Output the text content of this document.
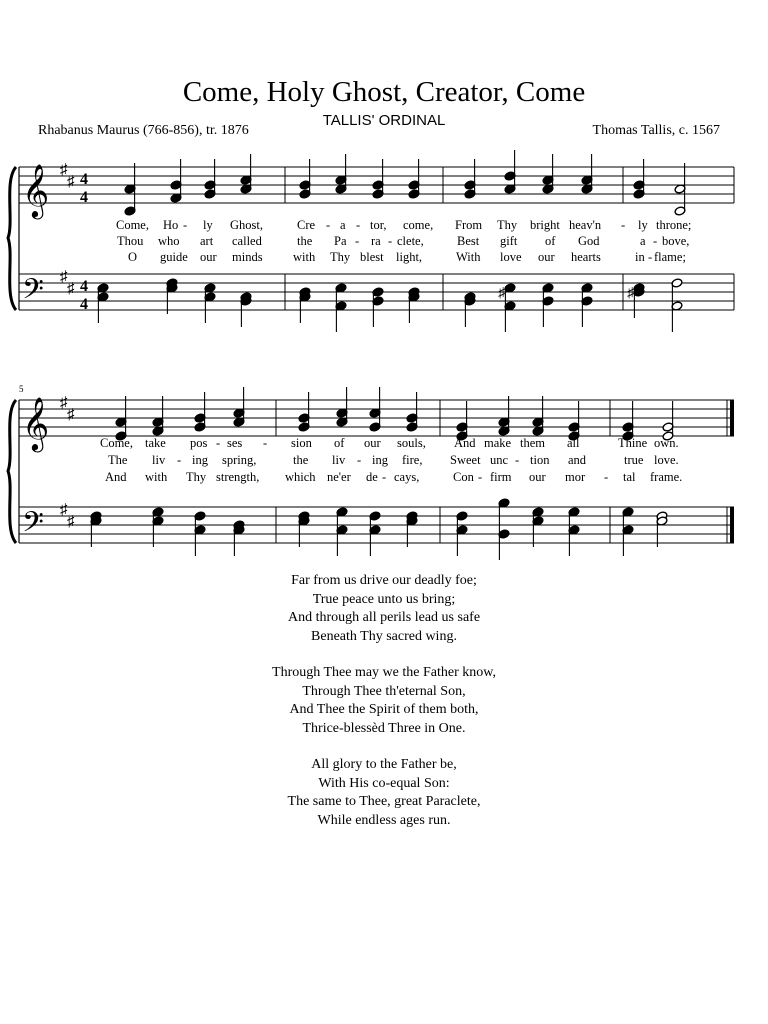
Come, Holy Ghost, Creator, Come
TALLIS' ORDINAL
Rhabanus Maurus (766-856), tr. 1876	Thomas Tallis, c. 1567
𝄞
𝄢
♯
♯
♯
♯
4
4
4
4
♯	♯
Come, Ho - ly Ghost,	Cre - a - tor, come, From Thy bright heav'n - ly throne;
Thou who art called	the Pa - ra - clete,	Best gift of God	a - bove,
O guide our minds with Thy blest light,	With love our hearts	in - flame;
5
𝄞
𝄢
♯
♯
♯
♯
Come, take pos - ses - sion of our souls, And make them all	Thine own.
The liv - ing spring,	the liv - ing fire, Sweet unc - tion and	true love.
And with Thy strength, which ne'er de - cays,	Con - firm our mor - tal frame.
Far from us drive our deadly foe;
True peace unto us bring;
And through all perils lead us safe
Beneath Thy sacred wing.
Through Thee may we the Father know,
Through Thee th'eternal Son,
And Thee the Spirit of them both,
Thrice-blessèd Three in One.
All glory to the Father be,
With His co-equal Son:
The same to Thee, great Paraclete,
While endless ages run.
